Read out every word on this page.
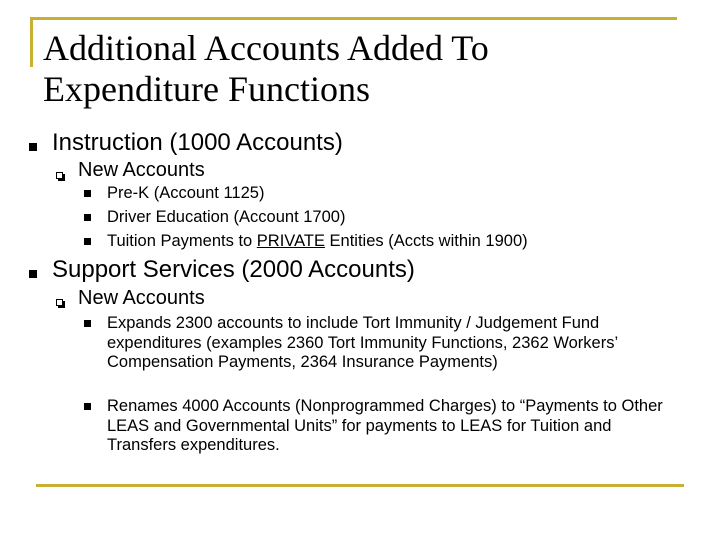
Additional Accounts Added To
Expenditure Functions
Instruction (1000 Accounts)
New Accounts
Pre-K (Account 1125)
Driver Education (Account 1700)
Tuition Payments to PRIVATE Entities (Accts within 1900)
Support Services (2000 Accounts)
New Accounts
Expands 2300 accounts to include Tort Immunity / Judgement Fund expenditures (examples 2360 Tort Immunity Functions, 2362 Workers’ Compensation Payments, 2364 Insurance Payments)
Renames 4000 Accounts (Nonprogrammed Charges) to “Payments to Other LEAS and Governmental Units” for payments to LEAS for Tuition and Transfers expenditures.
